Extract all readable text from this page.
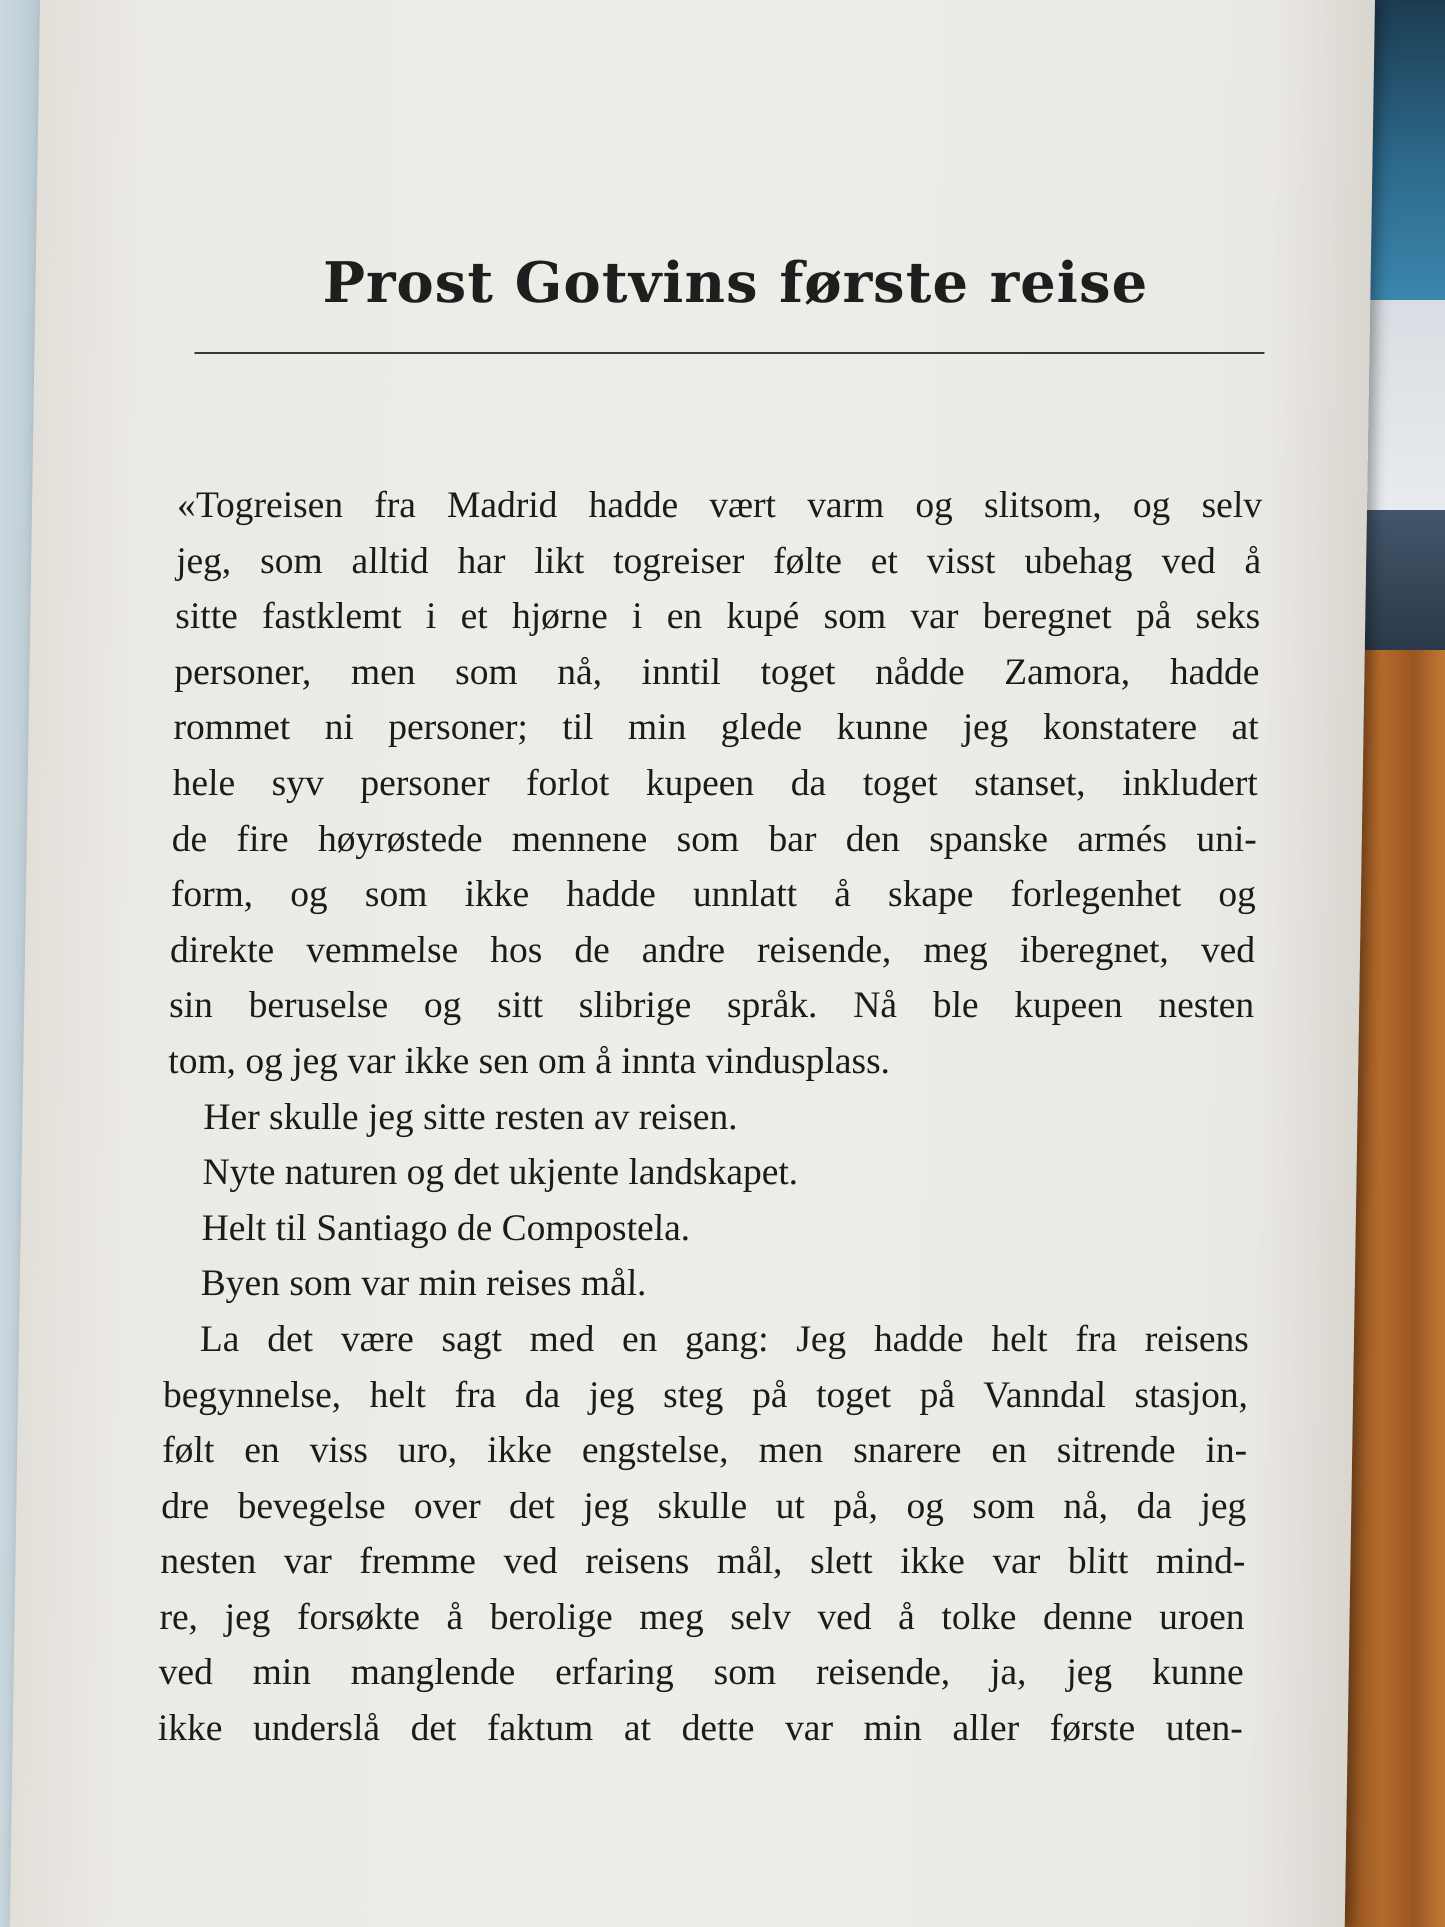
Prost Gotvins første reise
«Togreisen fra Madrid hadde vært varm og slitsom, og selv
jeg, som alltid har likt togreiser følte et visst ubehag ved å
sitte fastklemt i et hjørne i en kupé som var beregnet på seks
personer, men som nå, inntil toget nådde Zamora, hadde
rommet ni personer; til min glede kunne jeg konstatere at
hele syv personer forlot kupeen da toget stanset, inkludert
de fire høyrøstede mennene som bar den spanske armés uni-
form, og som ikke hadde unnlatt å skape forlegenhet og
direkte vemmelse hos de andre reisende, meg iberegnet, ved
sin beruselse og sitt slibrige språk. Nå ble kupeen nesten
tom, og jeg var ikke sen om å innta vindusplass.
Her skulle jeg sitte resten av reisen.
Nyte naturen og det ukjente landskapet.
Helt til Santiago de Compostela.
Byen som var min reises mål.
La det være sagt med en gang: Jeg hadde helt fra reisens
begynnelse, helt fra da jeg steg på toget på Vanndal stasjon,
følt en viss uro, ikke engstelse, men snarere en sitrende in-
dre bevegelse over det jeg skulle ut på, og som nå, da jeg
nesten var fremme ved reisens mål, slett ikke var blitt mind-
re, jeg forsøkte å berolige meg selv ved å tolke denne uroen
ved min manglende erfaring som reisende, ja, jeg kunne
ikke underslå det faktum at dette var min aller første uten-
